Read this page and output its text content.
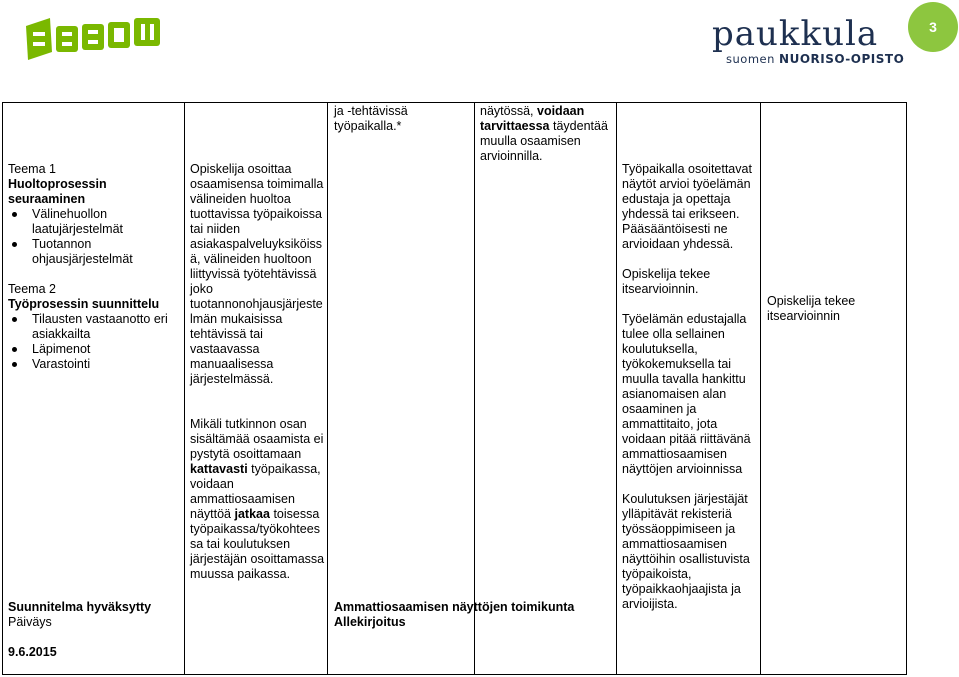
paukkula
suomen NUORISO-OPISTO
3

Teema 1

Huoltoprosessin seuraaminen

Välinehuollon laatujärjestelmät
Tuotannon ohjausjärjestelmät

Teema 2

Työprosessin suunnittelu

Tilausten vastaanotto eri asiakkailta
Läpimenot
Varastointi
Suunnitelma hyväksytty
Päiväys
9.6.2015

Opiskelija osoittaa osaamisensa toimimalla välineiden huoltoa tuottavissa työpaikoissa tai niiden asiakaspalveluyksiköiss ä, välineiden huoltoon liittyvissä työtehtävissä joko tuotannonohjausjärjeste lmän mukaisissa tehtävissä tai vastaavassa manuaalisessa järjestelmässä.

Mikäli tutkinnon osan sisältämää osaamista ei pystytä osoittamaan kattavasti työpaikassa, voidaan ammattiosaamisen näyttöä jatkaa toisessa työpaikassa/työkohtees sa tai koulutuksen järjestäjän osoittamassa muussa paikassa.

ja -tehtävissä työpaikalla.*
Ammattiosaamisen näyttöjen toimikunta
Allekirjoitus
näytössä, voidaan tarvittaessa täydentää muulla osaamisen arvioinnilla.

Työpaikalla osoitettavat näytöt arvioi työelämän edustaja ja opettaja yhdessä tai erikseen. Pääsääntöisesti ne arvioidaan yhdessä.

Opiskelija tekee itsearvioinnin.

Työelämän edustajalla tulee olla sellainen koulutuksella, työkokemuksella tai muulla tavalla hankittu asianomaisen alan osaaminen ja ammattitaito, jota voidaan pitää riittävänä ammattiosaamisen näyttöjen arvioinnissa

Koulutuksen järjestäjät ylläpitävät rekisteriä työssäoppimiseen ja ammattiosaamisen näyttöihin osallistuvista työpaikoista, työpaikkaohjaajista ja arvioijista.

Opiskelija tekee itsearvioinnin
